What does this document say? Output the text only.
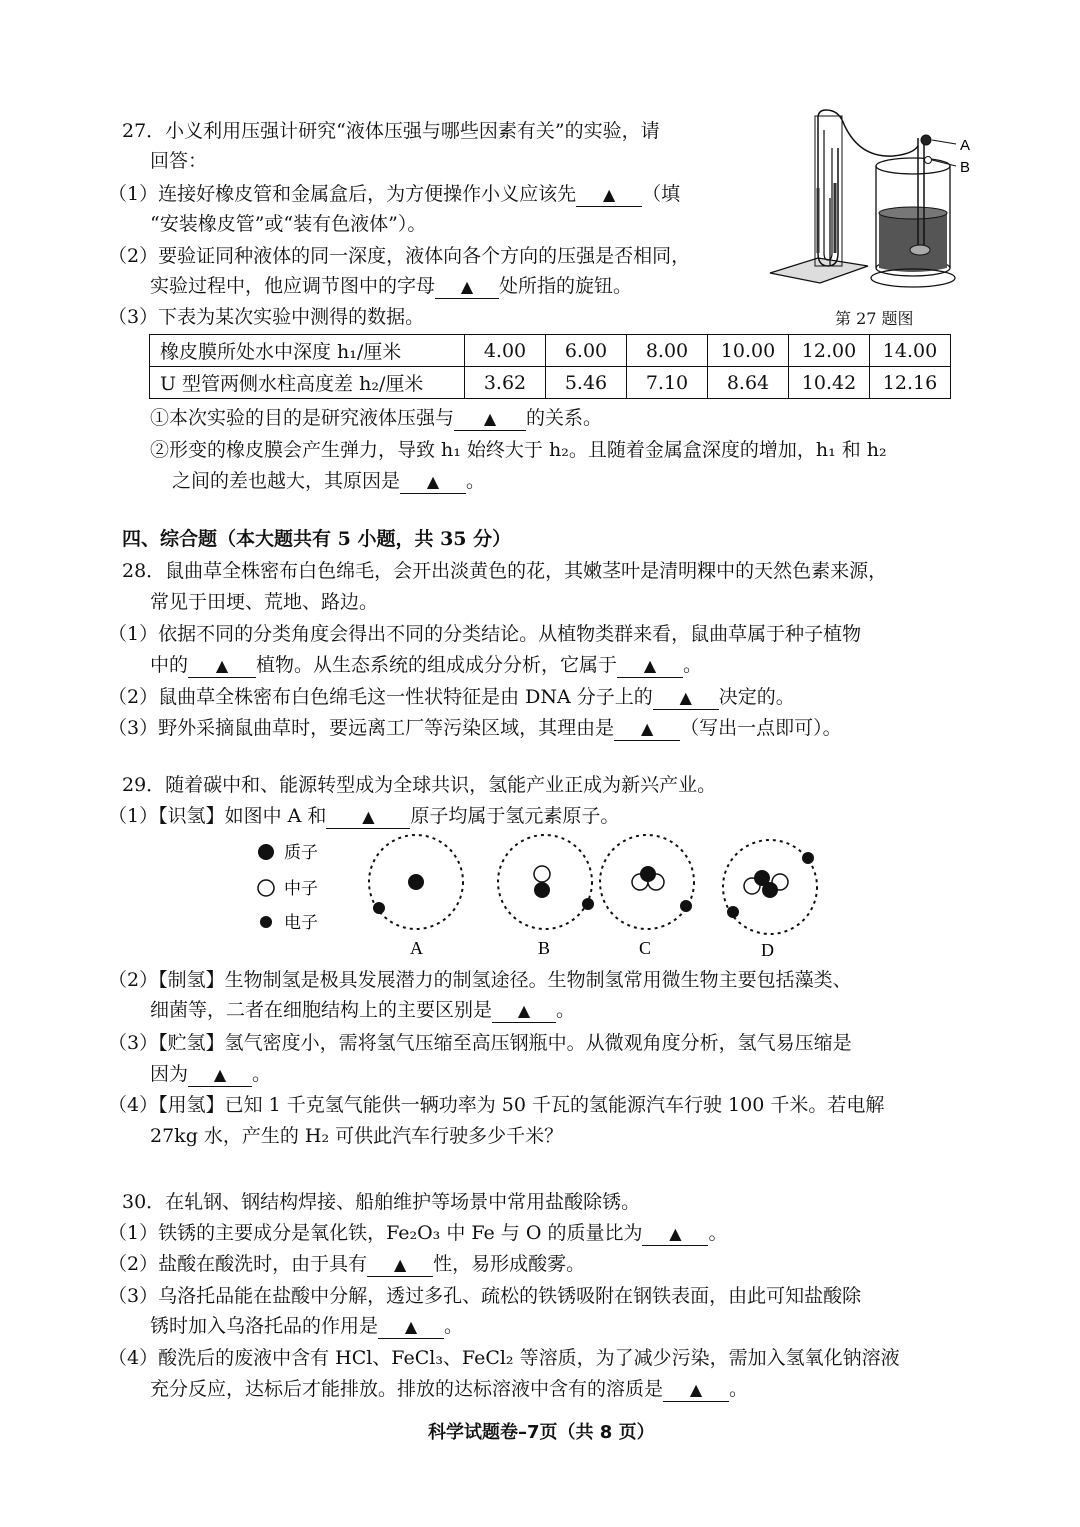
27．小义利用压强计研究“液体压强与哪些因素有关”的实验，请
回答：
（1）连接好橡皮管和金属盒后，为方便操作小义应该先 ▲ （填
“安装橡皮管”或“装有色液体”）。
（2）要验证同种液体的同一深度，液体向各个方向的压强是否相同，
实验过程中，他应调节图中的字母 ▲ 处所指的旋钮。
（3）下表为某次实验中测得的数据。
A
B
第 27 题图
橡皮膜所处水中深度 h₁/厘米	4.00	6.00	8.00	10.00	12.00	14.00
U 型管两侧水柱高度差 h₂/厘米	3.62	5.46	7.10	8.64	10.42	12.16
①本次实验的目的是研究液体压强与 ▲ 的关系。
②形变的橡皮膜会产生弹力，导致 h₁ 始终大于 h₂。且随着金属盒深度的增加，h₁ 和 h₂
之间的差也越大，其原因是 ▲ 。
四、综合题（本大题共有 5 小题，共 35 分）
28．鼠曲草全株密布白色绵毛，会开出淡黄色的花，其嫩茎叶是清明粿中的天然色素来源，
常见于田埂、荒地、路边。
（1）依据不同的分类角度会得出不同的分类结论。从植物类群来看，鼠曲草属于种子植物
中的 ▲ 植物。从生态系统的组成成分分析，它属于 ▲ 。
（2）鼠曲草全株密布白色绵毛这一性状特征是由 DNA 分子上的 ▲ 决定的。
（3）野外采摘鼠曲草时，要远离工厂等污染区域，其理由是 ▲ （写出一点即可）。
29．随着碳中和、能源转型成为全球共识，氢能产业正成为新兴产业。
（1）【识氢】如图中 A 和 ▲ 原子均属于氢元素原子。
质子
中子
电子
A	B	C	D
（2）【制氢】生物制氢是极具发展潜力的制氢途径。生物制氢常用微生物主要包括藻类、
细菌等，二者在细胞结构上的主要区别是 ▲ 。
（3）【贮氢】氢气密度小，需将氢气压缩至高压钢瓶中。从微观角度分析，氢气易压缩是
因为 ▲ 。
（4）【用氢】已知 1 千克氢气能供一辆功率为 50 千瓦的氢能源汽车行驶 100 千米。若电解
27kg 水，产生的 H₂ 可供此汽车行驶多少千米？
30．在轧钢、钢结构焊接、船舶维护等场景中常用盐酸除锈。
（1）铁锈的主要成分是氧化铁，Fe₂O₃ 中 Fe 与 O 的质量比为 ▲ 。
（2）盐酸在酸洗时，由于具有 ▲ 性，易形成酸雾。
（3）乌洛托品能在盐酸中分解，透过多孔、疏松的铁锈吸附在钢铁表面，由此可知盐酸除
锈时加入乌洛托品的作用是 ▲ 。
（4）酸洗后的废液中含有 HCl、FeCl₃、FeCl₂ 等溶质，为了减少污染，需加入氢氧化钠溶液
充分反应，达标后才能排放。排放的达标溶液中含有的溶质是 ▲ 。
科学试题卷–7页（共 8 页）
